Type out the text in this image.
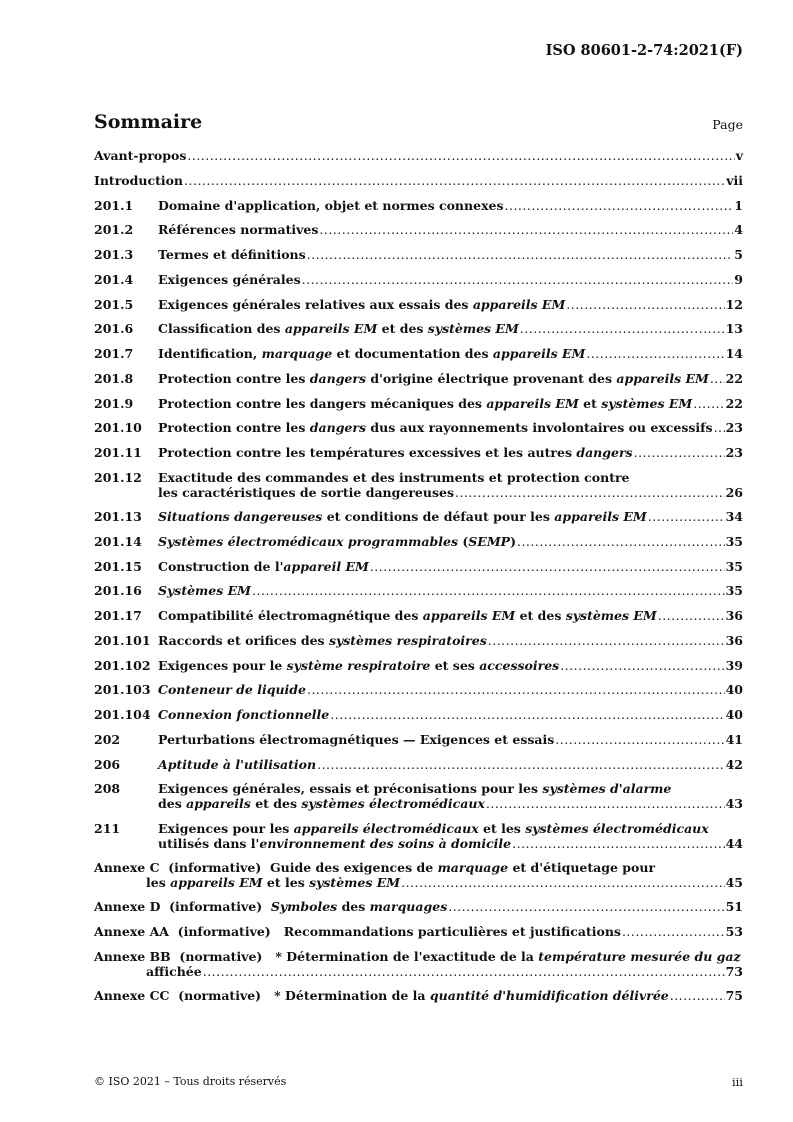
ISO 80601-2-74:2021(F)
Sommaire	Page
Avant-propos .....	v
Introduction .....	vii
201.1	Domaine d'application, objet et normes connexes .....	1
201.2	Références normatives .....	4
201.3	Termes et définitions .....	5
201.4	Exigences générales .....	9
201.5	Exigences générales relatives aux essais des appareils EM .....	12
201.6	Classification des appareils EM et des systèmes EM .....	13
201.7	Identification, marquage et documentation des appareils EM .....	14
201.8	Protection contre les dangers d'origine électrique provenant des appareils EM ..... 22
201.9	Protection contre les dangers mécaniques des appareils EM et systèmes EM .....	22
201.10	Protection contre les dangers dus aux rayonnements involontaires ou excessifs ..... 23
201.11	Protection contre les températures excessives et les autres dangers .....	23
201.12	Exactitude des commandes et des instruments et protection contre
les caractéristiques de sortie dangereuses .....	26
201.13	Situations dangereuses et conditions de défaut pour les appareils EM .....	34
201.14	Systèmes électromédicaux programmables (SEMP) .....	35
201.15	Construction de l'appareil EM .....	35
201.16	Systèmes EM .....	35
201.17	Compatibilité électromagnétique des appareils EM et des systèmes EM .....	36
201.101 Raccords et orifices des systèmes respiratoires .....	36
201.102 Exigences pour le système respiratoire et ses accessoires .....	39
201.103 Conteneur de liquide .....	40
201.104 Connexion fonctionnelle .....	40
202	Perturbations électromagnétiques — Exigences et essais .....	41
206	Aptitude à l'utilisation .....	42
208	Exigences générales, essais et préconisations pour les systèmes d'alarme
des appareils et des systèmes électromédicaux .....	43
211	Exigences pour les appareils électromédicaux et les systèmes électromédicaux
utilisés dans l'environnement des soins à domicile .....	44
Annexe C  (informative) Guide des exigences de marquage et d'étiquetage pour
les appareils EM et les systèmes EM .....	45
Annexe D  (informative) Symboles des marquages .....	51
Annexe AA  (informative) Recommandations particulières et justifications .....	53
Annexe BB  (normative) * Détermination de l'exactitude de la température mesurée du gaz
affichée .....	73
Annexe CC  (normative) * Détermination de la quantité d'humidification délivrée .....	75
© ISO 2021 – Tous droits réservés	iii
